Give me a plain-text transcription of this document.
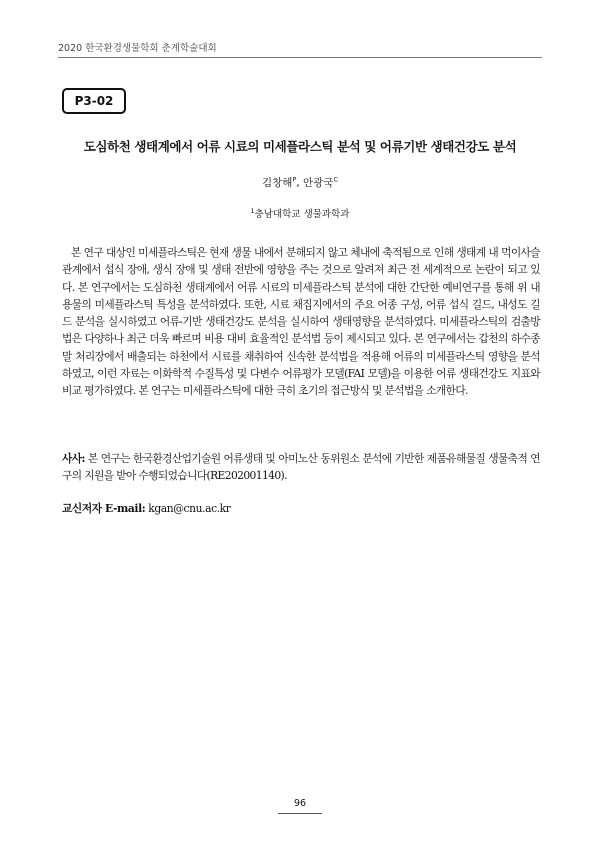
2020 한국환경생물학회 춘계학술대회
P3-02
도심하천 생태계에서 어류 시료의 미세플라스틱 분석 및 어류기반 생태건강도 분석
김창해$^P$, 안광국$^C$
$^1$충남대학교 생물과학과

본 연구 대상인 미세플라스틱은 현재 생물 내에서 분해되지 않고 체내에 축적됨으로 인해 생태계 내 먹이사슬관계에서 섭식 장애, 생식 장애 및 생태 전반에 영향을 주는 것으로 알려져 최근 전 세계적으로 논란이 되고 있다. 본 연구에서는 도심하천 생태계에서 어류 시료의 미세플라스틱 분석에 대한 간단한 예비연구를 통해 위 내용물의 미세플라스틱 특성을 분석하였다. 또한, 시료 채집지에서의 주요 어종 구성, 어류 섭식 길드, 내성도 길드 분석을 실시하였고 어류-기반 생태건강도 분석을 실시하여 생태영향을 분석하였다. 미세플라스틱의 검출방법은 다양하나 최근 더욱 빠르며 비용 대비 효율적인 분석법 등이 제시되고 있다. 본 연구에서는 갑천의 하수종말 처리장에서 배출되는 하천에서 시료를 채취하여 신속한 분석법을 적용해 어류의 미세플라스틱 영향을 분석하였고, 이런 자료는 이화학적 수질특성 및 다변수 어류평가 모델(FAI 모델)을 이용한 어류 생태건강도 지표와 비교 평가하였다. 본 연구는 미세플라스틱에 대한 극히 초기의 접근방식 및 분석법을 소개한다.

사사: 본 연구는 한국환경산업기술원 어류생태 및 아미노산 동위원소 분석에 기반한 제품유해물질 생물축적 연구의 지원을 받아 수행되었습니다(RE202001140).

교신저자 E-mail: kgan@cnu.ac.kr

96
